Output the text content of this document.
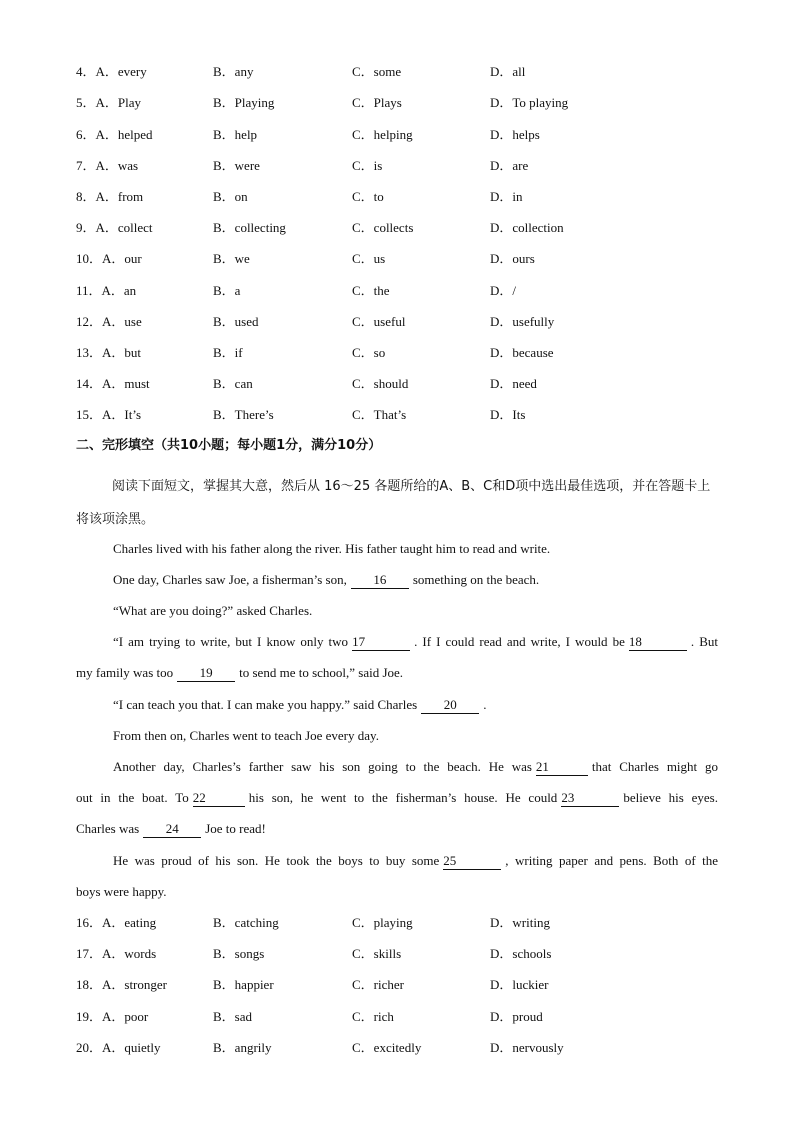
4．A．every	B．any	C．some	D．all
5．A．Play	B．Playing	C．Plays	D．To playing
6．A．helped	B．help	C．helping	D．helps
7．A．was	B．were	C．is	D．are
8．A．from	B．on	C．to	D．in
9．A．collect	B．collecting	C．collects	D．collection
10．A．our	B．we	C．us	D．ours
11．A．an	B．a	C．the	D．/
12．A．use	B．used	C．useful	D．usefully
13．A．but	B．if	C．so	D．because
14．A．must	B．can	C．should	D．need
15．A．It’s	B．There’s	C．That’s	D．Its
二、完形填空（共10小题；每小题1分，满分10分）
阅读下面短文，掌握其大意，然后从 16～25 各题所给的A、B、C和D项中选出最佳选项，并在答题卡上将该项涂黑。
Charles lived with his father along the river. His father taught him to read and write.
One day, Charles saw Joe, a fisherman’s son, 16 something on the beach.
“What are you doing?” asked Charles.
“I am trying to write, but I know only two 17	. If I could read and write, I would be 18	. But
my family was too 19 to send me to school,” said Joe.
“I can teach you that. I can make you happy.” said Charles 20 .
From then on, Charles went to teach Joe every day.
Another day, Charles’s farther saw his son going to the beach. He was 21	that Charles might go
out in the boat. To 22	his son, he went to the fisherman’s house. He could 23	believe his eyes.
Charles was 24 Joe to read!
He was proud of his son. He took the boys to buy some 25	, writing paper and pens. Both of the
boys were happy.
16．A．eating	B．catching	C．playing	D．writing
17．A．words	B．songs	C．skills	D．schools
18．A．stronger	B．happier	C．richer	D．luckier
19．A．poor	B．sad	C．rich	D．proud
20．A．quietly	B．angrily	C．excitedly	D．nervously
